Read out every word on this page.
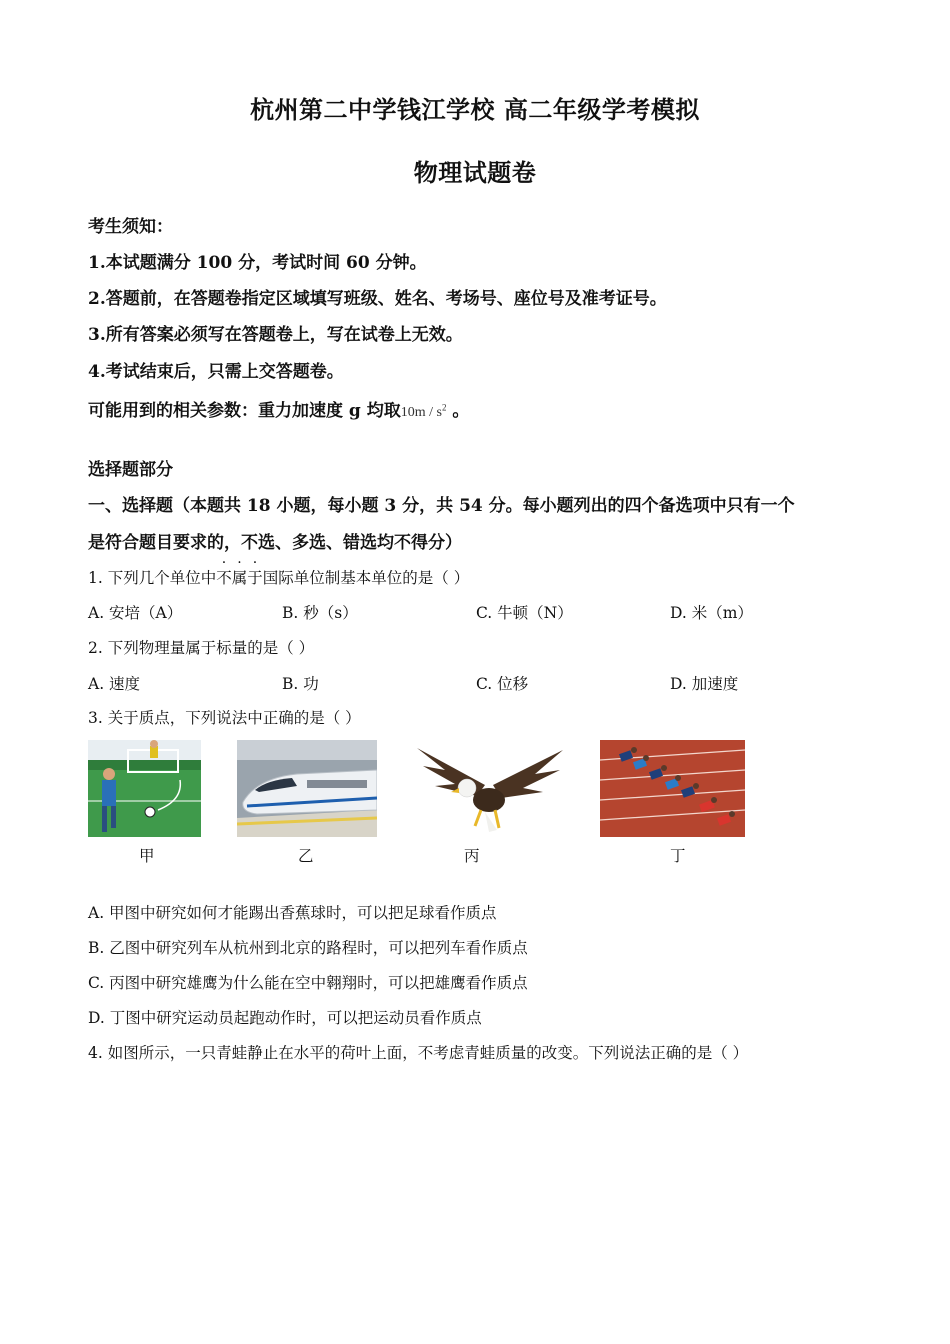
杭州第二中学钱江学校 高二年级学考模拟
物理试题卷
考生须知：
1.本试题满分 100 分，考试时间 60 分钟。
2.答题前，在答题卷指定区域填写班级、姓名、考场号、座位号及准考证号。
3.所有答案必须写在答题卷上，写在试卷上无效。
4.考试结束后，只需上交答题卷。
可能用到的相关参数：重力加速度 g 均取$10m / s^2$ 。
选择题部分
一、选择题（本题共 18 小题，每小题 3 分，共 54 分。每小题列出的四个备选项中只有一个
是符合题目要求的，不选、多选、错选均不得分）
1. 下列几个单位中不属于国际单位制基本单位的是（ ）
A. 安培（A）	B. 秒（s）	C. 牛顿（N）	D. 米（m）
2. 下列物理量属于标量的是（ ）
A. 速度	B. 功	C. 位移	D. 加速度
3. 关于质点，下列说法中正确的是（ ）
甲	乙	丙	丁
A. 甲图中研究如何才能踢出香蕉球时，可以把足球看作质点
B. 乙图中研究列车从杭州到北京的路程时，可以把列车看作质点
C. 丙图中研究雄鹰为什么能在空中翱翔时，可以把雄鹰看作质点
D. 丁图中研究运动员起跑动作时，可以把运动员看作质点
4. 如图所示，一只青蛙静止在水平的荷叶上面，不考虑青蛙质量的改变。下列说法正确的是（ ）
